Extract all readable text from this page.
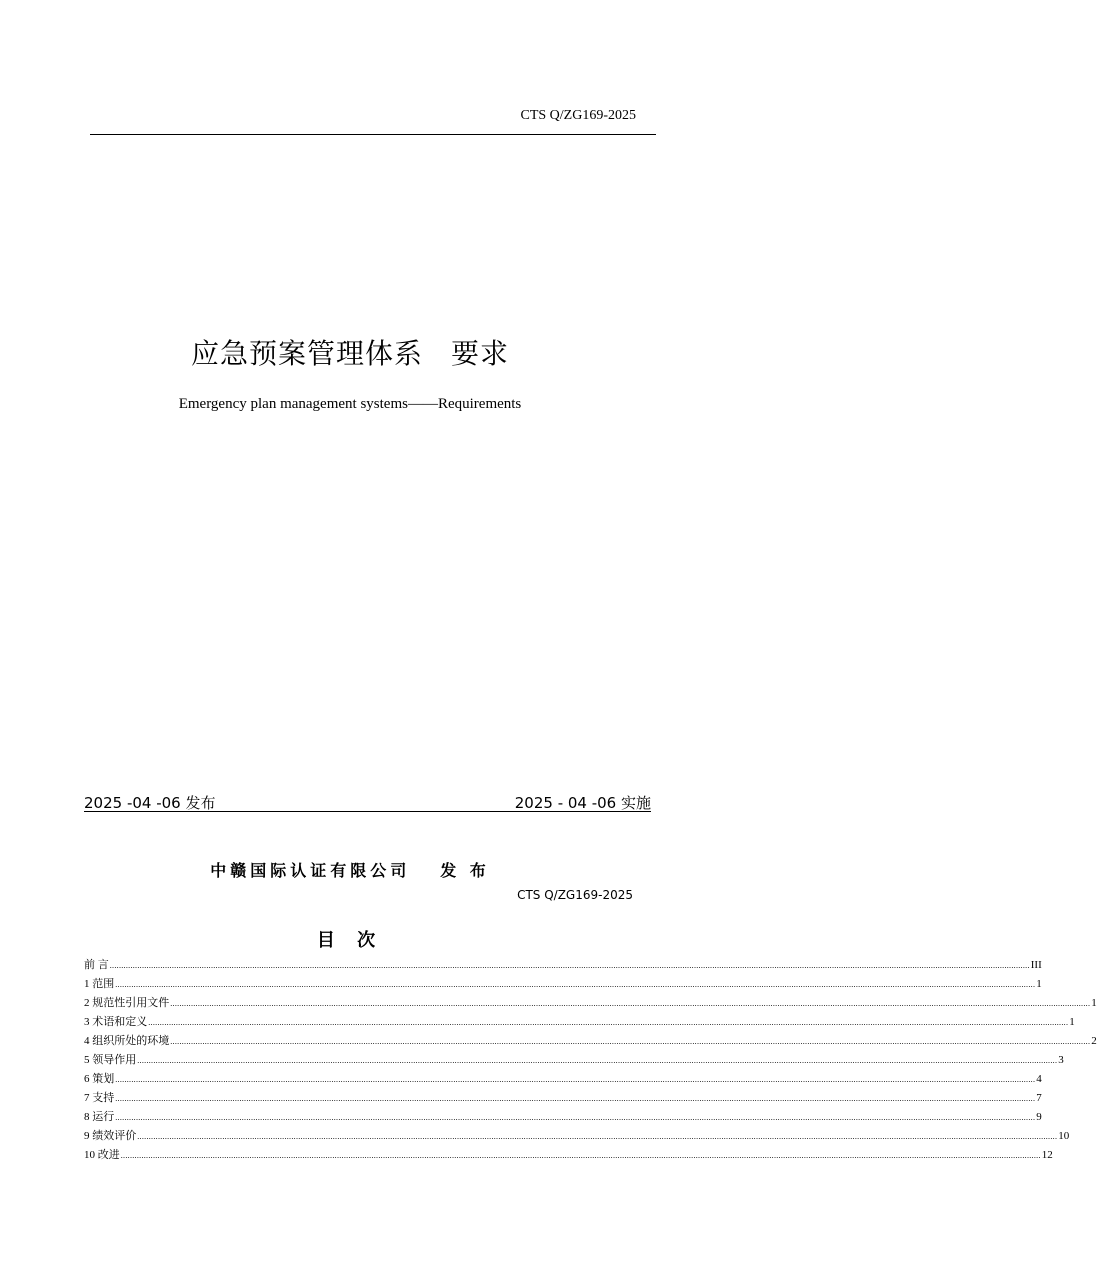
CTS Q/ZG169-2025
应急预案管理体系 要求
Emergency plan management systems——Requirements
2025 -04 -06 发布	2025 - 04 -06 实施
中赣国际认证有限公司 发 布
CTS Q/ZG169-2025
目 次
前 言 ................................................................................................................................................................................................................................................................................................................................................................................................................ III
1 范围 ................................................................................................................................................................................................................................................................................................................................................................................................................ 1
2 规范性引用文件 ................................................................................................................................................................................................................................................................................................................................................................................................................ 1
3 术语和定义 ................................................................................................................................................................................................................................................................................................................................................................................................................ 1
4 组织所处的环境 ................................................................................................................................................................................................................................................................................................................................................................................................................ 2
5 领导作用 ................................................................................................................................................................................................................................................................................................................................................................................................................ 3
6 策划 ................................................................................................................................................................................................................................................................................................................................................................................................................ 4
7 支持 ................................................................................................................................................................................................................................................................................................................................................................................................................ 7
8 运行 ................................................................................................................................................................................................................................................................................................................................................................................................................ 9
9 绩效评价 ................................................................................................................................................................................................................................................................................................................................................................................................................ 10
10 改进 ................................................................................................................................................................................................................................................................................................................................................................................................................ 12
